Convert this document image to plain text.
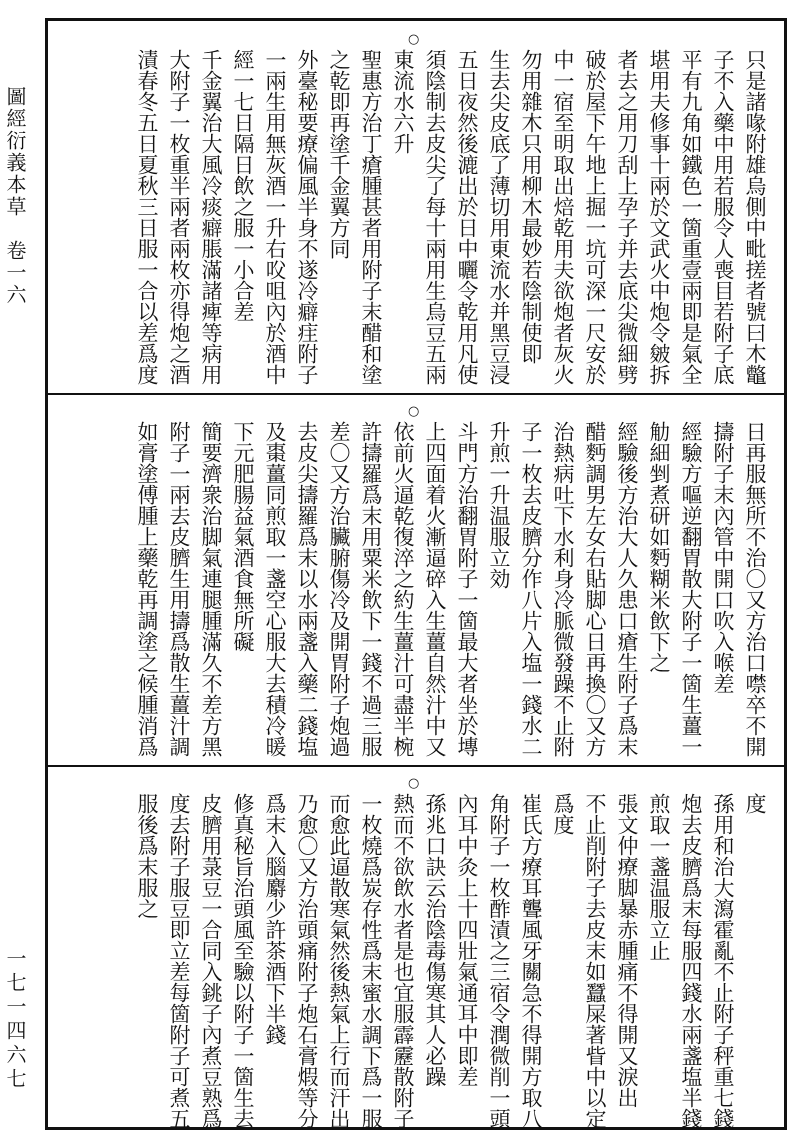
圖經衍義本草　卷一六
一七一四六七
○
只是諸喙附雄烏側中毗搓者號曰木鼈
子不入藥中用若服令人喪目若附子底
平有九角如鐵色一箇重壹兩即是氣全
堪用夫修事十兩於文武火中炮令皴拆
者去之用刀刮上孕子并去底尖微細劈
破於屋下午地上掘一坑可深一尺安於
中一宿至明取出焙乾用夫欲炮者灰火
勿用雜木只用柳木最妙若陰制使即
生去尖皮底了薄切用東流水并黑豆浸
五日夜然後漉出於日中曬令乾用凡使
須陰制去皮尖了每十兩用生烏豆五兩
東流水六升
聖惠方治丁瘡腫甚者用附子末醋和塗
之乾即再塗千金翼方同
外臺秘要療偏風半身不遂冷癖疰附子
一兩生用無灰酒一升右㕮咀內於酒中
經一七日隔日飲之服一小合差
千金翼治大風冷痰癖脹滿諸痺等病用
大附子一枚重半兩者兩枚亦得炮之酒
漬春冬五日夏秋三日服一合以差爲度
○
日再服無所不治〇又方治口噤卒不開
擣附子末內管中開口吹入喉差
經驗方嘔逆翻胃散大附子一箇生薑一
觔細剉煮研如麪糊米飲下之
經驗後方治大人久患口瘡生附子爲末
醋麪調男左女右貼脚心日再換〇又方
治熱病吐下水利身冷脈微發躁不止附
子一枚去皮臍分作八片入塩一錢水二
升煎一升温服立効
斗門方治翻胃附子一箇最大者坐於塼
上四面着火漸逼碎入生薑自然汁中又
依前火逼乾復淬之約生薑汁可盡半椀
許擣羅爲末用粟米飲下一錢不過三服
差〇又方治臟腑傷冷及開胃附子炮過
去皮尖擣羅爲末以水兩盞入藥二錢塩
及棗薑同煎取一盞空心服大去積冷暖
下元肥腸益氣酒食無所礙
簡要濟衆治脚氣連腿腫滿久不差方黑
附子一兩去皮臍生用擣爲散生薑汁調
如膏塗傅腫上藥乾再調塗之候腫消爲
○
度
孫用和治大瀉霍亂不止附子秤重七錢
炮去皮臍爲末每服四錢水兩盞塩半錢
煎取一盞温服立止
張文仲療脚暴赤腫痛不得開又淚出
不止削附子去皮末如蠶屎著眥中以定
爲度
崔氏方療耳聾風牙關急不得開方取八
角附子一枚酢漬之三宿令潤微削一頭
內耳中灸上十四壯氣通耳中即差
孫兆口訣云治陰毒傷寒其人必躁
熱而不欲飲水者是也宜服霹靂散附子
一枚燒爲炭存性爲末蜜水調下爲一服
而愈此逼散寒氣然後熱氣上行而汗出
乃愈〇又方治頭痛附子炮石膏煆等分
爲末入腦麝少許茶酒下半錢
修真秘旨治頭風至驗以附子一箇生去
皮臍用菉豆一合同入銚子內煮豆熟爲
度去附子服豆即立差每箇附子可煮五
服後爲末服之
